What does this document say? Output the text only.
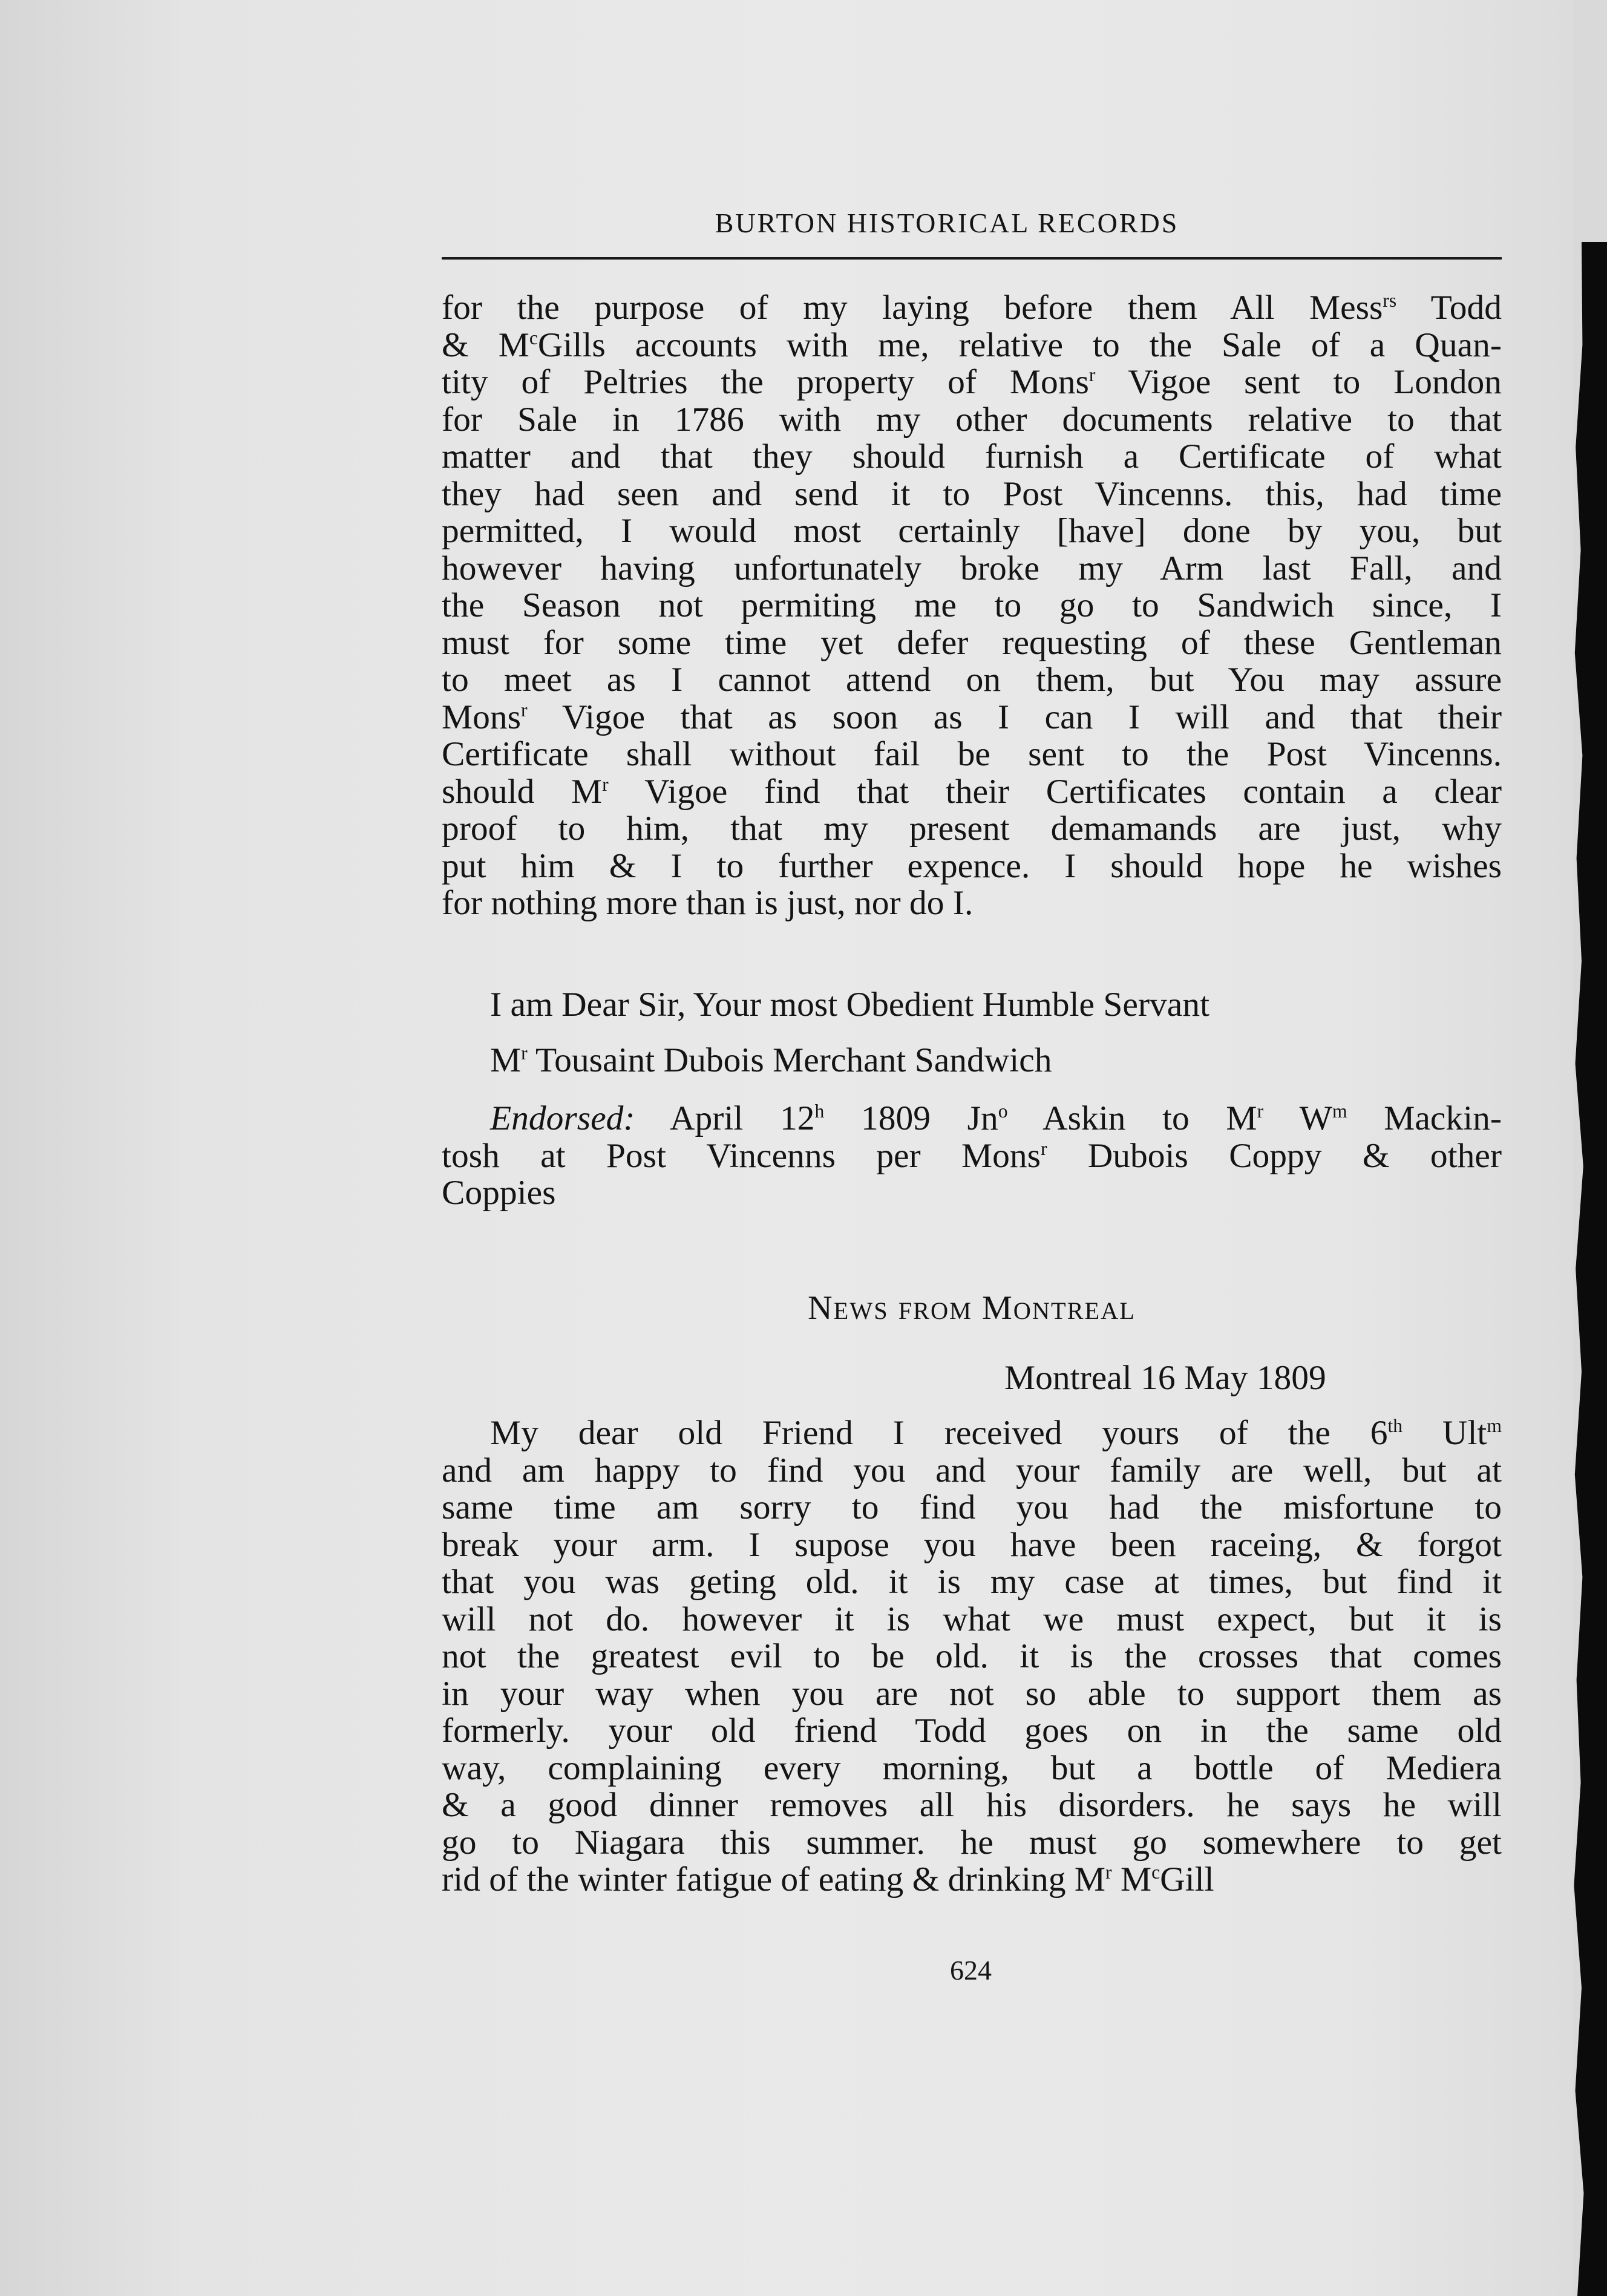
BURTON HISTORICAL RECORDS
for the purpose of my laying before them All Mess$^{rs}$ Todd
& $M^cGills$ accounts with me, relative to the Sale of a Quan-
tity of Peltries the property of Mons$^r$ Vigoe sent to London
for Sale in 1786 with my other documents relative to that
matter and that they should furnish a Certificate of what
they had seen and send it to Post Vincenns. this, had time
permitted, I would most certainly [have] done by you, but
however having unfortunately broke my Arm last Fall, and
the Season not permiting me to go to Sandwich since, I
must for some time yet defer requesting of these Gentleman
to meet as I cannot attend on them, but You may assure
Mons$^r$ Vigoe that as soon as I can I will and that their
Certificate shall without fail be sent to the Post Vincenns.
should $M^r$ Vigoe find that their Certificates contain a clear
proof to him, that my present demamands are just, why
put him & I to further expence. I should hope he wishes
for nothing more than is just, nor do I.
I am Dear Sir, Your most Obedient Humble Servant
$M^r$ Tousaint Dubois Merchant Sandwich
Endorsed: April 12$^h$ 1809 Jn$^o$ Askin to $M^r$ $W^m$ Mackin-
tosh at Post Vincenns per Mons$^r$ Dubois Coppy & other
Coppies
NEWS FROM MONTREAL
Montreal 16 May 1809
My dear old Friend I received yours of the 6th Ult$^m$
and am happy to find you and your family are well, but at
same time am sorry to find you had the misfortune to
break your arm. I supose you have been raceing, & forgot
that you was geting old. it is my case at times, but find it
will not do. however it is what we must expect, but it is
not the greatest evil to be old. it is the crosses that comes
in your way when you are not so able to support them as
formerly. your old friend Todd goes on in the same old
way, complaining every morning, but a bottle of Mediera
& a good dinner removes all his disorders. he says he will
go to Niagara this summer. he must go somewhere to get
rid of the winter fatigue of eating & drinking $M^r$ $M^cGill$
624
